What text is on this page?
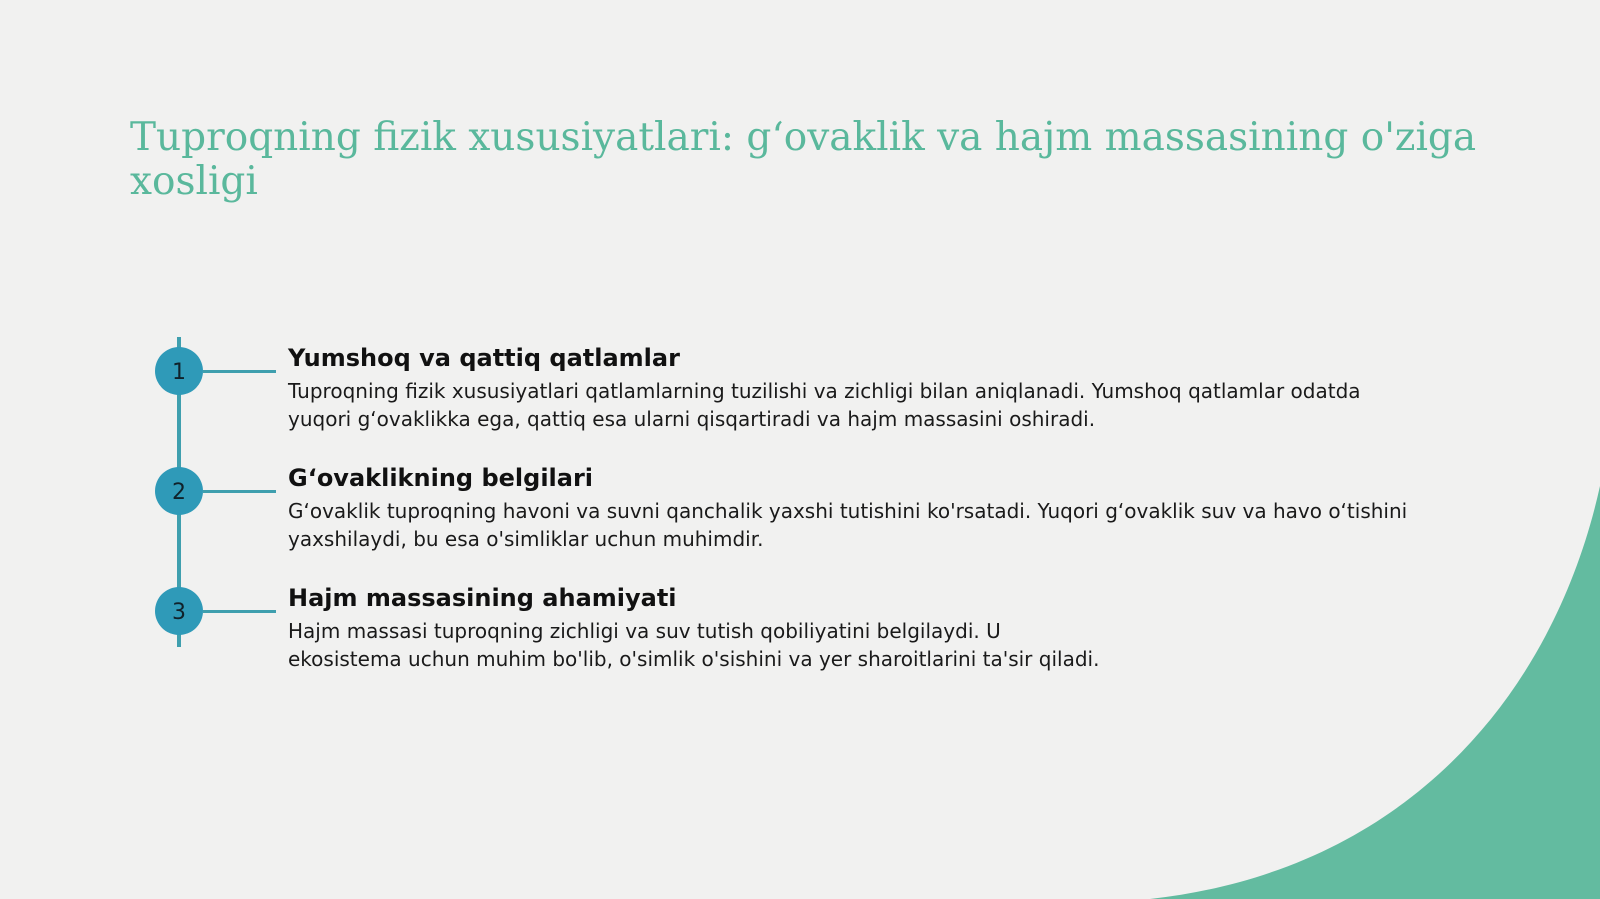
Tuproqning fizik xususiyatlari: g‘ovaklik va hajm massasining o'ziga xosligi
1
Yumshoq va qattiq qatlamlar

Tuproqning fizik xususiyatlari qatlamlarning tuzilishi va zichligi bilan aniqlanadi. Yumshoq qatlamlar odatda yuqori g‘ovaklikka ega, qattiq esa ularni qisqartiradi va hajm massasini oshiradi.

2
G‘ovaklikning belgilari

G‘ovaklik tuproqning havoni va suvni qanchalik yaxshi tutishini ko'rsatadi. Yuqori g‘ovaklik suv va havo o‘tishini yaxshilaydi, bu esa o'simliklar uchun muhimdir.

3
Hajm massasining ahamiyati

Hajm massasi tuproqning zichligi va suv tutish qobiliyatini belgilaydi. U ekosistema uchun muhim bo'lib, o'simlik o'sishini va yer sharoitlarini ta'sir qiladi.
